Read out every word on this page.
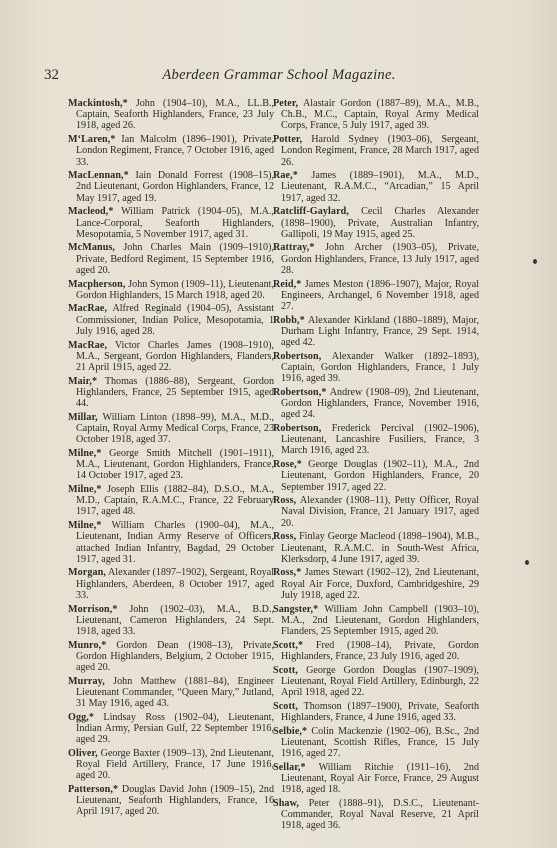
32	Aberdeen Grammar School Magazine.

Mackintosh,* John (1904–10), M.A., LL.B., Captain, Seaforth Highlanders, France, 23 July 1918, aged 26.

M‘Laren,* Ian Malcolm (1896–1901), Private, London Regiment, France, 7 October 1916, aged 33.

MacLennan,* Iain Donald Forrest (1908–15), 2nd Lieutenant, Gordon Highlanders, France, 12 May 1917, aged 19.

Macleod,* William Patrick (1904–05), M.A., Lance-Corporal, Seaforth Highlanders, Mesopotamia, 5 November 1917, aged 31.

McManus, John Charles Main (1909–1910), Private, Bedford Regiment, 15 September 1916, aged 20.

Macpherson, John Symon (1909–11), Lieutenant, Gordon Highlanders, 15 March 1918, aged 20.

MacRae, Alfred Reginald (1904–05), Assistant Commissioner, Indian Police, Mesopotamia, 1 July 1916, aged 28.

MacRae, Victor Charles James (1908–1910), M.A., Sergeant, Gordon Highlanders, Flanders, 21 April 1915, aged 22.

Mair,* Thomas (1886–88), Sergeant, Gordon Highlanders, France, 25 September 1915, aged 44.

Millar, William Linton (1898–99), M.A., M.D., Captain, Royal Army Medical Corps, France, 23 October 1918, aged 37.

Milne,* George Smith Mitchell (1901–1911), M.A., Lieutenant, Gordon Highlanders, France, 14 October 1917, aged 23.

Milne,* Joseph Ellis (1882–84), D.S.O., M.A., M.D., Captain, R.A.M.C., France, 22 February 1917, aged 48.

Milne,* William Charles (1900–04), M.A., Lieutenant, Indian Army Reserve of Officers, attached Indian Infantry, Bagdad, 29 October 1917, aged 31.

Morgan, Alexander (1897–1902), Sergeant, Royal Highlanders, Aberdeen, 8 October 1917, aged 33.

Morrison,* John (1902–03), M.A., B.D., Lieutenant, Cameron Highlanders, 24 Sept. 1918, aged 33.

Munro,* Gordon Dean (1908–13), Private, Gordon Highlanders, Belgium, 2 October 1915, aged 20.

Murray, John Matthew (1881–84), Engineer Lieutenant Commander, “Queen Mary,” Jutland, 31 May 1916, aged 43.

Ogg,* Lindsay Ross (1902–04), Lieutenant, Indian Army, Persian Gulf, 22 September 1916, aged 29.

Oliver, George Baxter (1909–13), 2nd Lieutenant, Royal Field Artillery, France, 17 June 1916, aged 20.

Patterson,* Douglas David John (1909–15), 2nd Lieutenant, Seaforth Highlanders, France, 16 April 1917, aged 20.

Peter, Alastair Gordon (1887–89), M.A., M.B., Ch.B., M.C., Captain, Royal Army Medical Corps, France, 5 July 1917, aged 39.

Potter, Harold Sydney (1903–06), Sergeant, London Regiment, France, 28 March 1917, aged 26.

Rae,* James (1889–1901), M.A., M.D., Lieutenant, R.A.M.C., “Arcadian,” 15 April 1917, aged 32.

Ratcliff-Gaylard, Cecil Charles Alexander (1898–1900), Private, Australian Infantry, Gallipoli, 19 May 1915, aged 25.

Rattray,* John Archer (1903–05), Private, Gordon Highlanders, France, 13 July 1917, aged 28.

Reid,* James Meston (1896–1907), Major, Royal Engineers, Archangel, 6 November 1918, aged 27.

Robb,* Alexander Kirkland (1880–1889), Major, Durham Light Infantry, France, 29 Sept. 1914, aged 42.

Robertson, Alexander Walker (1892–1893), Captain, Gordon Highlanders, France, 1 July 1916, aged 39.

Robertson,* Andrew (1908–09), 2nd Lieutenant, Gordon Highlanders, France, November 1916, aged 24.

Robertson, Frederick Percival (1902–1906), Lieutenant, Lancashire Fusiliers, France, 3 March 1916, aged 23.

Rose,* George Douglas (1902–11), M.A., 2nd Lieutenant, Gordon Highlanders, France, 20 September 1917, aged 22.

Ross, Alexander (1908–11), Petty Officer, Royal Naval Division, France, 21 January 1917, aged 20.

Ross, Finlay George Macleod (1898–1904), M.B., Lieutenant, R.A.M.C. in South-West Africa, Klerksdorp, 4 June 1917, aged 39.

Ross,* James Stewart (1902–12), 2nd Lieutenant, Royal Air Force, Duxford, Cambridgeshire, 29 July 1918, aged 22.

Sangster,* William John Campbell (1903–10), M.A., 2nd Lieutenant, Gordon Highlanders, Flanders, 25 September 1915, aged 20.

Scott,* Fred (1908–14), Private, Gordon Highlanders, France, 23 July 1916, aged 20.

Scott, George Gordon Douglas (1907–1909), Lieutenant, Royal Field Artillery, Edinburgh, 22 April 1918, aged 22.

Scott, Thomson (1897–1900), Private, Seaforth Highlanders, France, 4 June 1916, aged 33.

Selbie,* Colin Mackenzie (1902–06), B.Sc., 2nd Lieutenant, Scottish Rifles, France, 15 July 1916, aged 27.

Sellar,* William Ritchie (1911–16), 2nd Lieutenant, Royal Air Force, France, 29 August 1918, aged 18.

Shaw, Peter (1888–91), D.S.C., Lieutenant-Commander, Royal Naval Reserve, 21 April 1918, aged 36.
